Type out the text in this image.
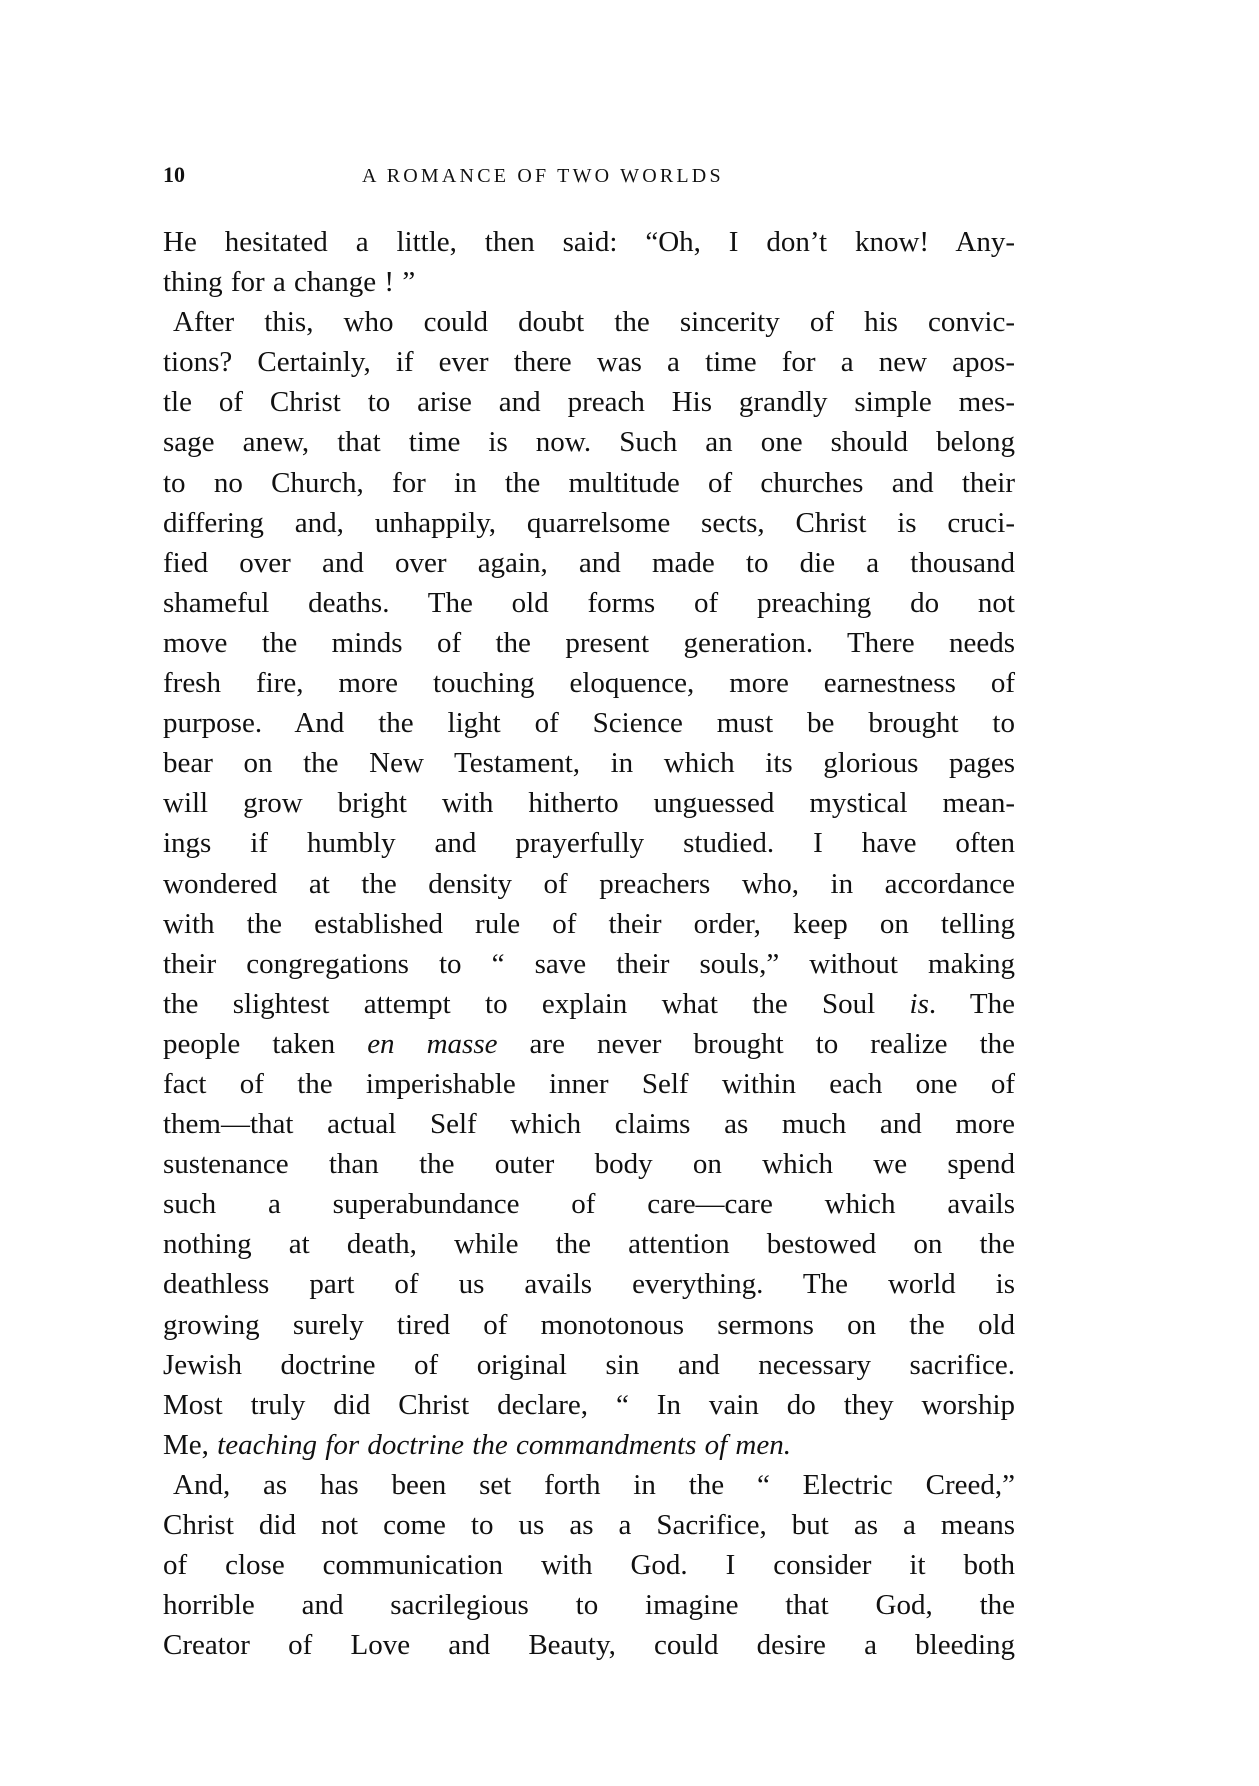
10	A ROMANCE OF TWO WORLDS
He hesitated a little, then said: “Oh, I don’t know! Any-
thing for a change ! ”
After this, who could doubt the sincerity of his convic-
tions? Certainly, if ever there was a time for a new apos-
tle of Christ to arise and preach His grandly simple mes-
sage anew, that time is now. Such an one should belong
to no Church, for in the multitude of churches and their
differing and, unhappily, quarrelsome sects, Christ is cruci-
fied over and over again, and made to die a thousand
shameful deaths. The old forms of preaching do not
move the minds of the present generation. There needs
fresh fire, more touching eloquence, more earnestness of
purpose. And the light of Science must be brought to
bear on the New Testament, in which its glorious pages
will grow bright with hitherto unguessed mystical mean-
ings if humbly and prayerfully studied. I have often
wondered at the density of preachers who, in accordance
with the established rule of their order, keep on telling
their congregations to “ save their souls,” without making
the slightest attempt to explain what the Soul is. The
people taken en masse are never brought to realize the
fact of the imperishable inner Self within each one of
them—that actual Self which claims as much and more
sustenance than the outer body on which we spend
such a superabundance of care—care which avails
nothing at death, while the attention bestowed on the
deathless part of us avails everything. The world is
growing surely tired of monotonous sermons on the old
Jewish doctrine of original sin and necessary sacrifice.
Most truly did Christ declare, “ In vain do they worship
Me, teaching for doctrine the commandments of men.
And, as has been set forth in the “ Electric Creed,”
Christ did not come to us as a Sacrifice, but as a means
of close communication with God. I consider it both
horrible and sacrilegious to imagine that God, the
Creator of Love and Beauty, could desire a bleeding
